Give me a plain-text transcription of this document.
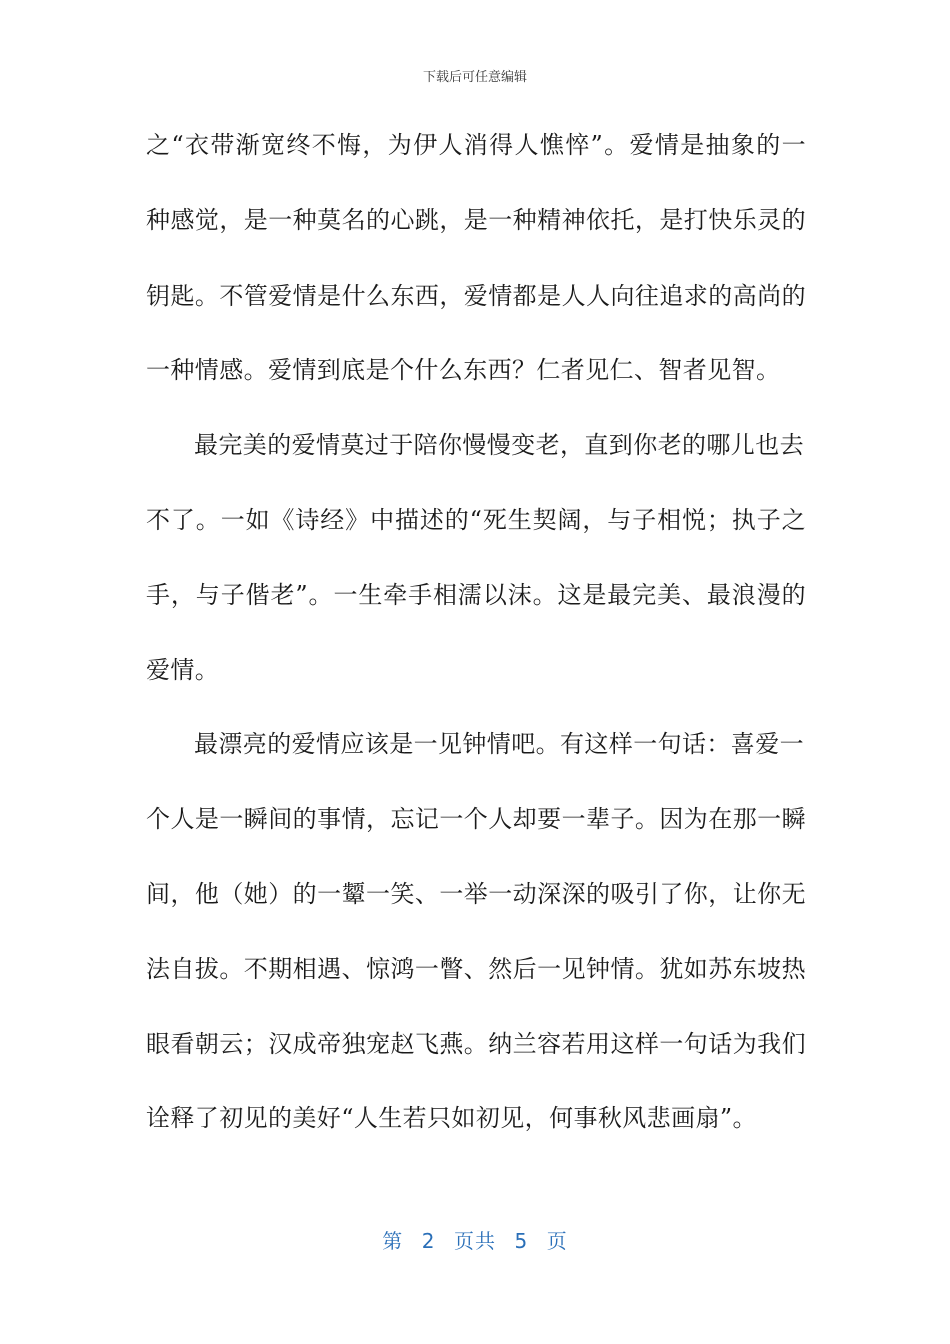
下载后可任意编辑
之“衣带渐宽终不悔，为伊人消得人憔悴”。爱情是抽象的一
种感觉，是一种莫名的心跳，是一种精神依托，是打快乐灵的
钥匙。不管爱情是什么东西，爱情都是人人向往追求的高尚的
一种情感。爱情到底是个什么东西？仁者见仁、智者见智。
最完美的爱情莫过于陪你慢慢变老，直到你老的哪儿也去
不了。一如《诗经》中描述的“死生契阔，与子相悦；执子之
手，与子偕老”。一生牵手相濡以沫。这是最完美、最浪漫的
爱情。
最漂亮的爱情应该是一见钟情吧。有这样一句话：喜爱一
个人是一瞬间的事情，忘记一个人却要一辈子。因为在那一瞬
间，他（她）的一颦一笑、一举一动深深的吸引了你，让你无
法自拔。不期相遇、惊鸿一瞥、然后一见钟情。犹如苏东坡热
眼看朝云；汉成帝独宠赵飞燕。纳兰容若用这样一句话为我们
诠释了初见的美好“人生若只如初见，何事秋风悲画扇”。
第 2 页共 5 页
